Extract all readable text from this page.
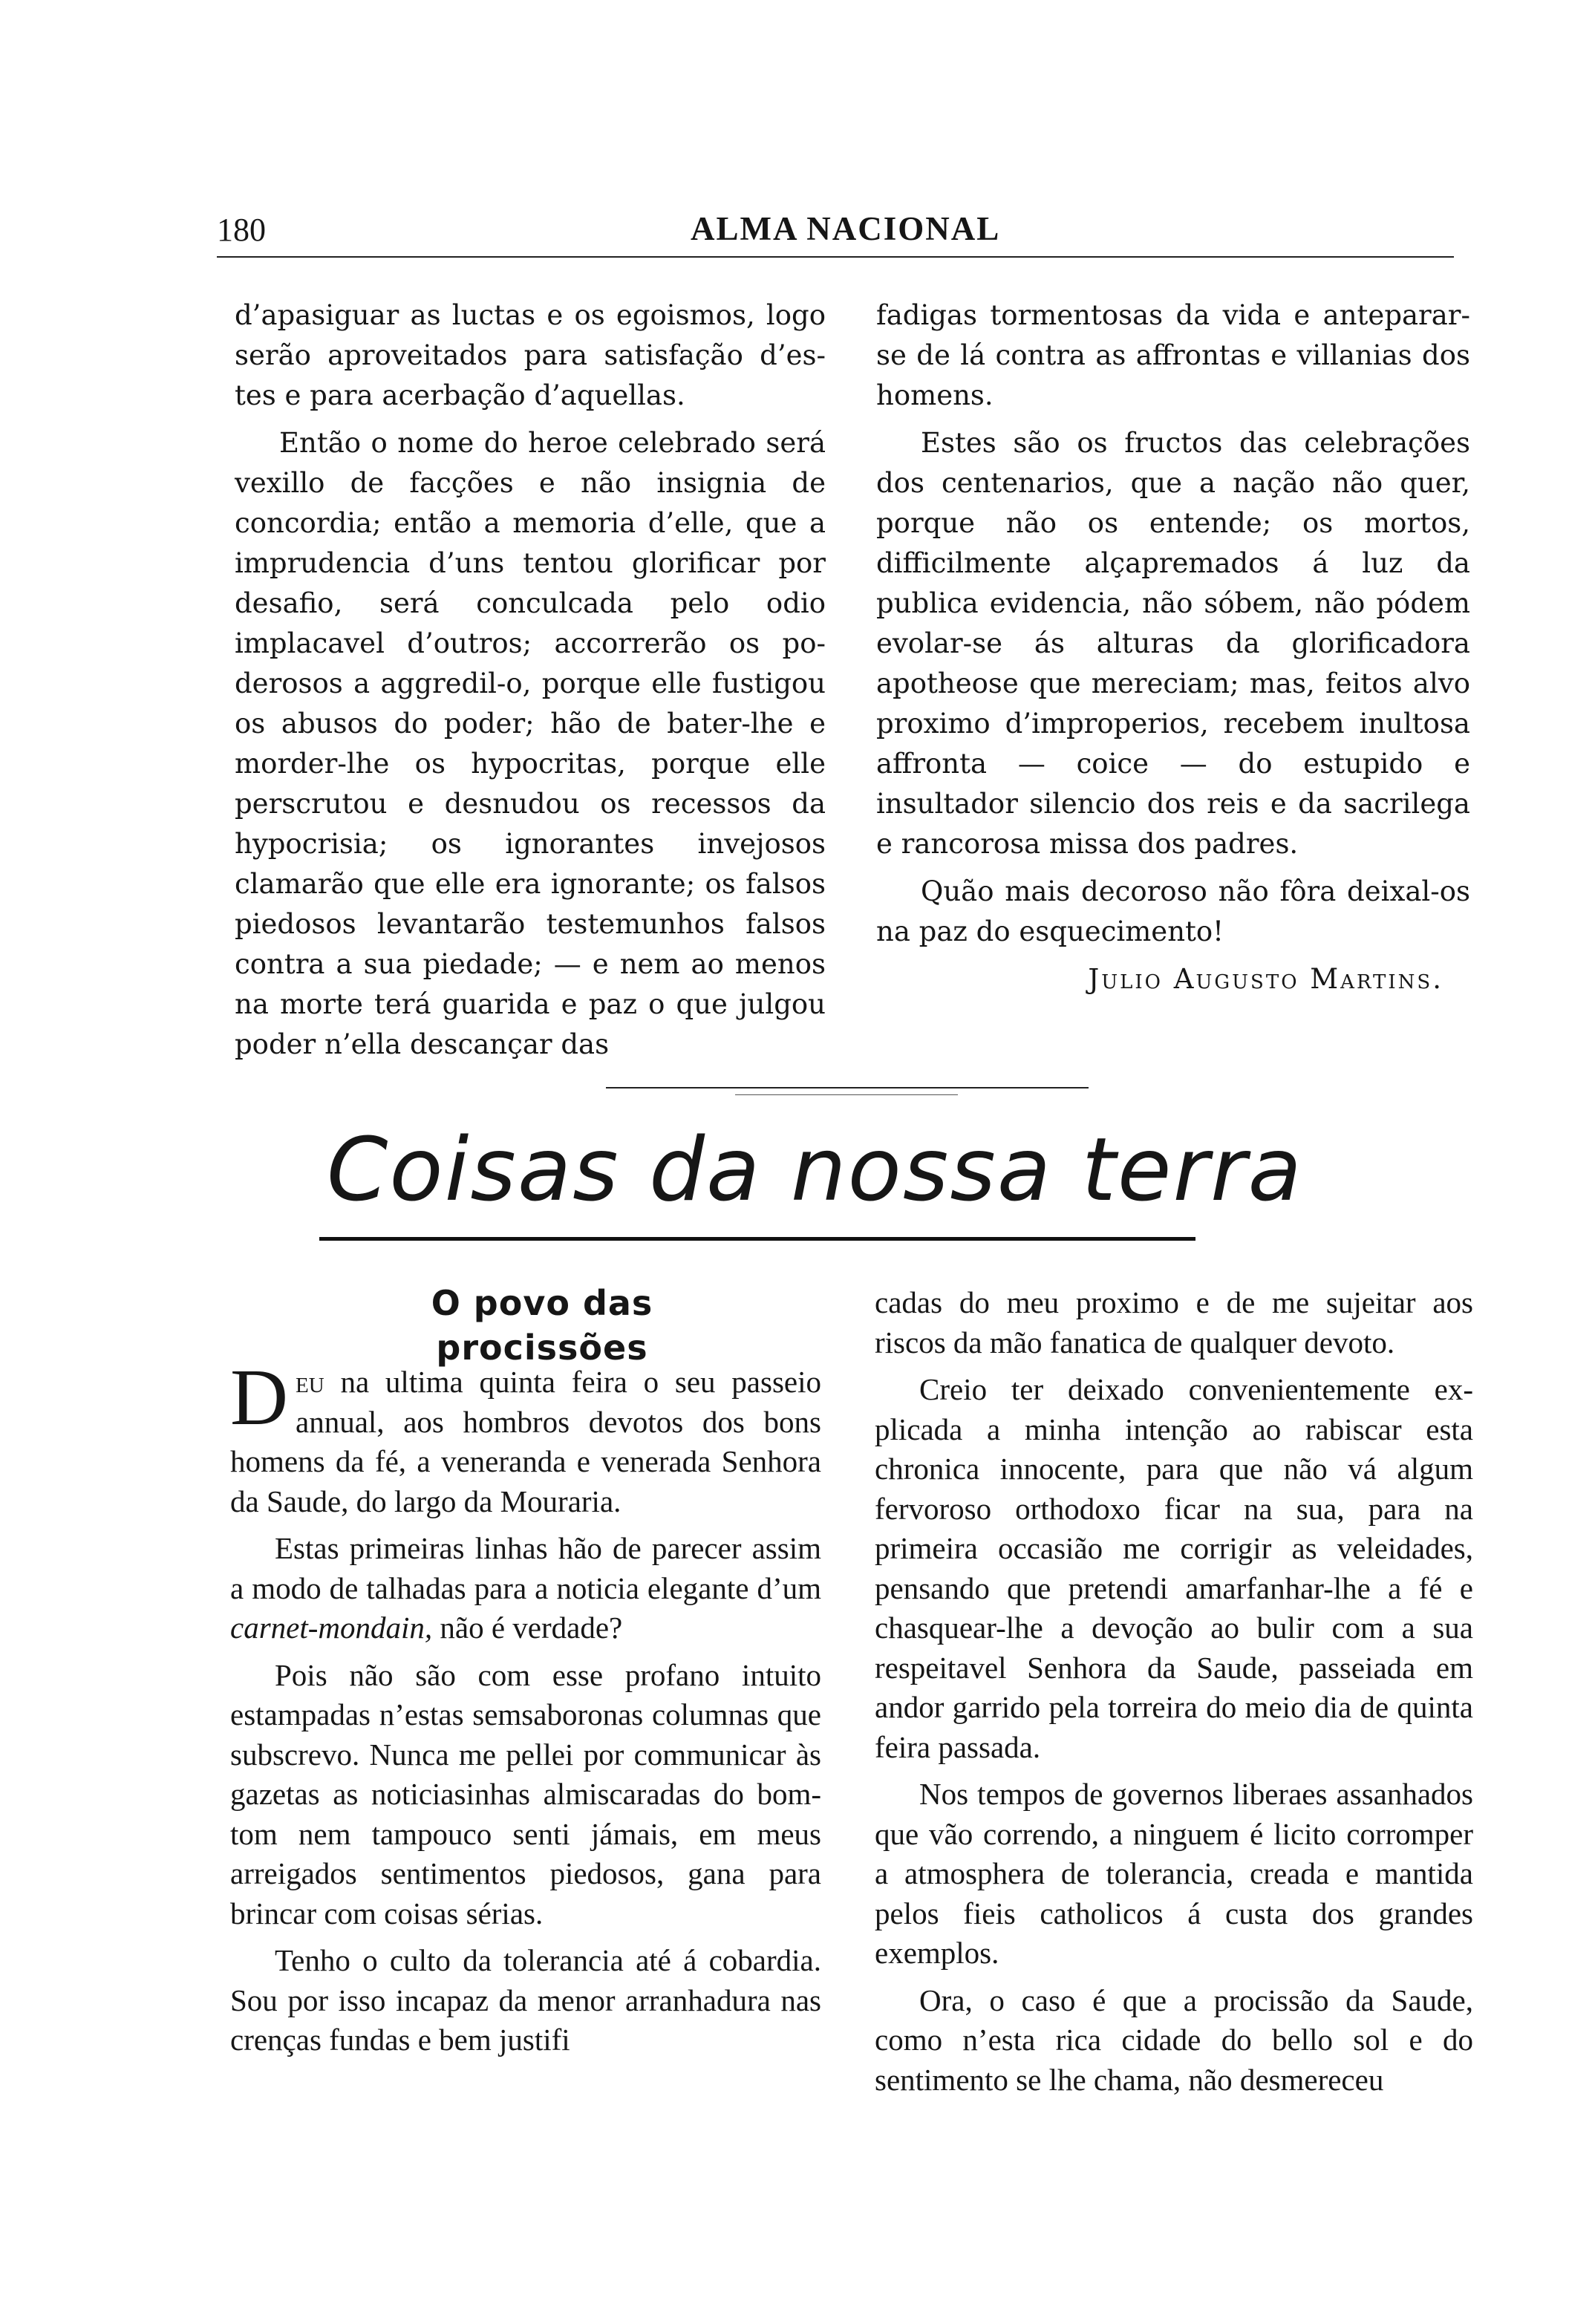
180	ALMA NACIONAL

d’apasiguar as luctas e os egoismos, logo serão aproveitados para satisfação d’estes e para acerbação d’aquellas.

Então o nome do heroe celebrado será vexillo de facções e não insignia de concordia; então a memoria d’elle, que a imprudencia d’uns tentou glorificar por desafio, será conculcada pelo odio implacavel d’outros; accorrerão os poderosos a aggredil-o, porque elle fustigou os abusos do poder; hão de bater-lhe e morder-lhe os hypocritas, porque elle perscrutou e desnudou os recessos da hypocrisia; os ignorantes invejosos clamarão que elle era ignorante; os falsos piedosos levantarão testemunhos falsos contra a sua piedade; — e nem ao menos na morte terá guarida e paz o que julgou poder n’ella descançar das

fadigas tormentosas da vida e anteparar-se de lá contra as affrontas e villanias dos homens.

Estes são os fructos das celebrações dos centenarios, que a nação não quer, porque não os entende; os mortos, difficilmente alçapremados á luz da publica evidencia, não sóbem, não pódem evolar-se ás alturas da glorificadora apotheose que mereciam; mas, feitos alvo proximo d’improperios, recebem inultosa affronta — coice — do estupido e insultador silencio dos reis e da sacrilega e rancorosa missa dos padres.

Quão mais decoroso não fôra deixal-os na paz do esquecimento!

Julio Augusto Martins.

Coisas da nossa terra
O povo das procissões

Deu na ultima quinta feira o seu passeio annual, aos hombros devotos dos bons homens da fé, a veneranda e venerada Senhora da Saude, do largo da Mouraria.

Estas primeiras linhas hão de parecer assim a modo de talhadas para a noticia elegante d’um carnet-mondain, não é verdade?

Pois não são com esse profano intuito estampadas n’estas semsaboronas columnas que subscrevo. Nunca me pellei por communicar às gazetas as noticiasinhas almiscaradas do bom-tom nem tampouco senti jámais, em meus arreigados sentimentos piedosos, gana para brincar com coisas sérias.

Tenho o culto da tolerancia até á cobardia. Sou por isso incapaz da menor arranhadura nas crenças fundas e bem justifi

cadas do meu proximo e de me sujeitar aos riscos da mão fanatica de qualquer devoto.

Creio ter deixado convenientemente explicada a minha intenção ao rabiscar esta chronica innocente, para que não vá algum fervoroso orthodoxo ficar na sua, para na primeira occasião me corrigir as veleidades, pensando que pretendi amarfanhar-lhe a fé e chasquear-lhe a devoção ao bulir com a sua respeitavel Senhora da Saude, passeiada em andor garrido pela torreira do meio dia de quinta feira passada.

Nos tempos de governos liberaes assanhados que vão correndo, a ninguem é licito corromper a atmosphera de tolerancia, creada e mantida pelos fieis catholicos á custa dos grandes exemplos.

Ora, o caso é que a procissão da Saude, como n’esta rica cidade do bello sol e do sentimento se lhe chama, não desmereceu
